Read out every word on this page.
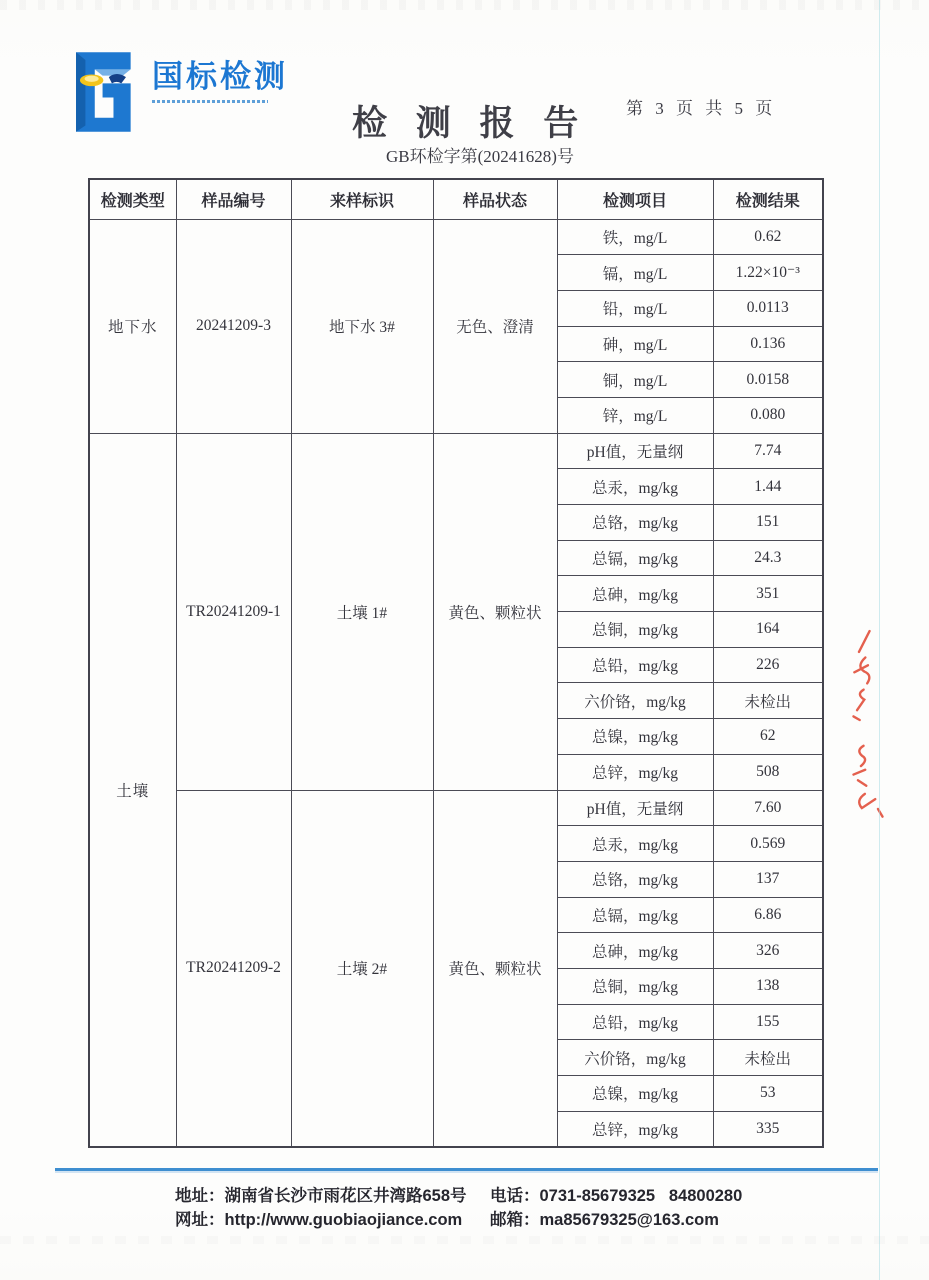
国标检测
检 测 报 告 第 3 页 共 5 页
GB环检字第(20241628)号
检测类型	样品编号	来样标识	样品状态	检测项目	检测结果
地下水	20241209-3	地下水 3#	无色、澄清	铁，mg/L	0.62
				镉，mg/L	1.22×10⁻³
				铅，mg/L	0.0113
				砷，mg/L	0.136
				铜，mg/L	0.0158
				锌，mg/L	0.080
土壤	TR20241209-1	土壤 1#	黄色、颗粒状	pH值，无量纲	7.74
				总汞，mg/kg	1.44
				总铬，mg/kg	151
				总镉，mg/kg	24.3
				总砷，mg/kg	351
				总铜，mg/kg	164
				总铅，mg/kg	226
				六价铬，mg/kg	未检出
				总镍，mg/kg	62
				总锌，mg/kg	508
	TR20241209-2	土壤 2#	黄色、颗粒状	pH值，无量纲	7.60
				总汞，mg/kg	0.569
				总铬，mg/kg	137
				总镉，mg/kg	6.86
				总砷，mg/kg	326
				总铜，mg/kg	138
				总铅，mg/kg	155
				六价铬，mg/kg	未检出
				总镍，mg/kg	53
				总锌，mg/kg	335
地址：湖南省长沙市雨花区井湾路658号 电话：0731-85679325   84800280
网址：http://www.guobiaojiance.com 邮箱：ma85679325@163.com
